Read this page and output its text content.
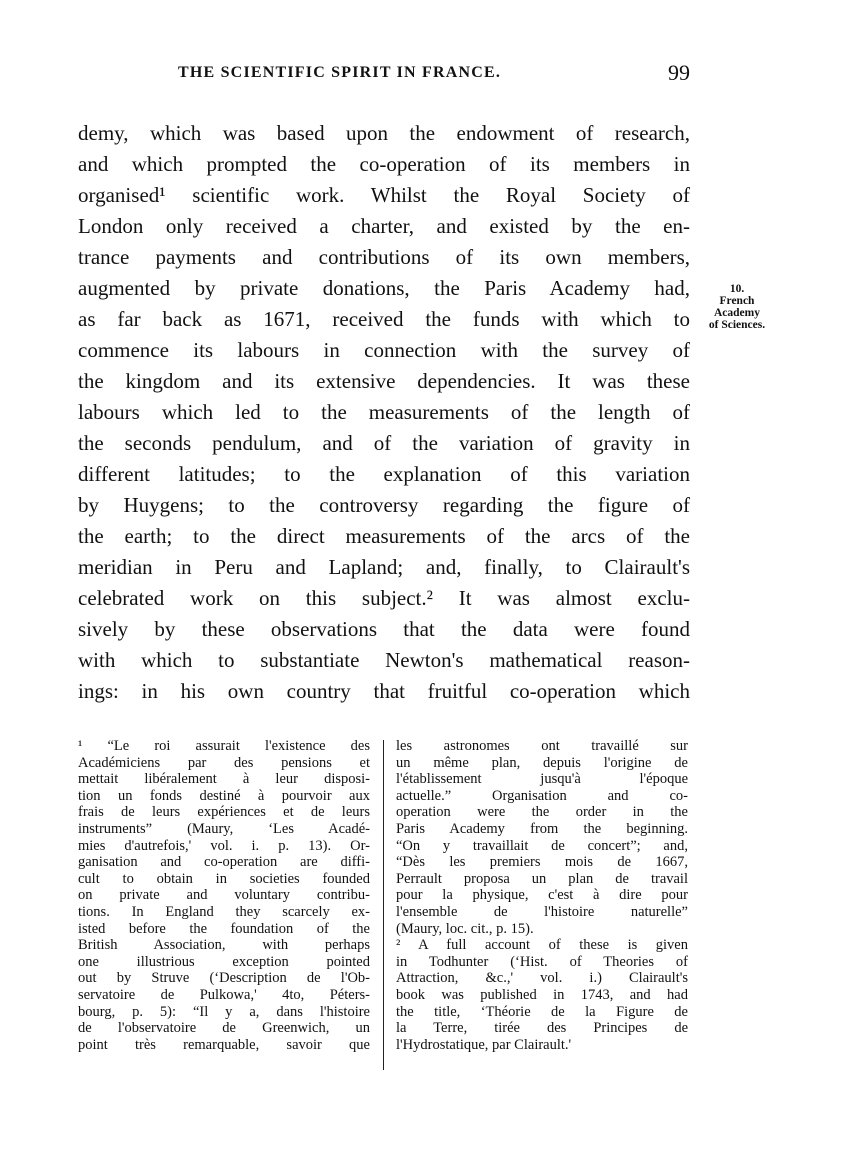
THE SCIENTIFIC SPIRIT IN FRANCE.	99
demy, which was based upon the endowment of research,
and which prompted the co-operation of its members in
organised¹ scientific work. Whilst the Royal Society of
London only received a charter, and existed by the en-
trance payments and contributions of its own members,
augmented by private donations, the Paris Academy had,
as far back as 1671, received the funds with which to
commence its labours in connection with the survey of
the kingdom and its extensive dependencies. It was these
labours which led to the measurements of the length of
the seconds pendulum, and of the variation of gravity in
different latitudes; to the explanation of this variation
by Huygens; to the controversy regarding the figure of
the earth; to the direct measurements of the arcs of the
meridian in Peru and Lapland; and, finally, to Clairault's
celebrated work on this subject.² It was almost exclu-
sively by these observations that the data were found
with which to substantiate Newton's mathematical reason-
ings: in his own country that fruitful co-operation which
10.
French
Academy
of Sciences.
¹ “Le roi assurait l'existence des
Académiciens par des pensions et
mettait libéralement à leur disposi-
tion un fonds destiné à pourvoir aux
frais de leurs expériences et de leurs
instruments” (Maury, ‘Les Acadé-
mies d'autrefois,' vol. i. p. 13). Or-
ganisation and co-operation are diffi-
cult to obtain in societies founded
on private and voluntary contribu-
tions. In England they scarcely ex-
isted before the foundation of the
British Association, with perhaps
one illustrious exception pointed
out by Struve (‘Description de l'Ob-
servatoire de Pulkowa,' 4to, Péters-
bourg, p. 5): “Il y a, dans l'histoire
de l'observatoire de Greenwich, un
point très remarquable, savoir que
les astronomes ont travaillé sur
un même plan, depuis l'origine de
l'établissement jusqu'à l'époque
actuelle.” Organisation and co-
operation were the order in the
Paris Academy from the beginning.
“On y travaillait de concert”; and,
“Dès les premiers mois de 1667,
Perrault proposa un plan de travail
pour la physique, c'est à dire pour
l'ensemble de l'histoire naturelle”
(Maury, loc. cit., p. 15).
² A full account of these is given
in Todhunter (‘Hist. of Theories of
Attraction, &c.,' vol. i.) Clairault's
book was published in 1743, and had
the title, ‘Théorie de la Figure de
la Terre, tirée des Principes de
l'Hydrostatique, par Clairault.'
